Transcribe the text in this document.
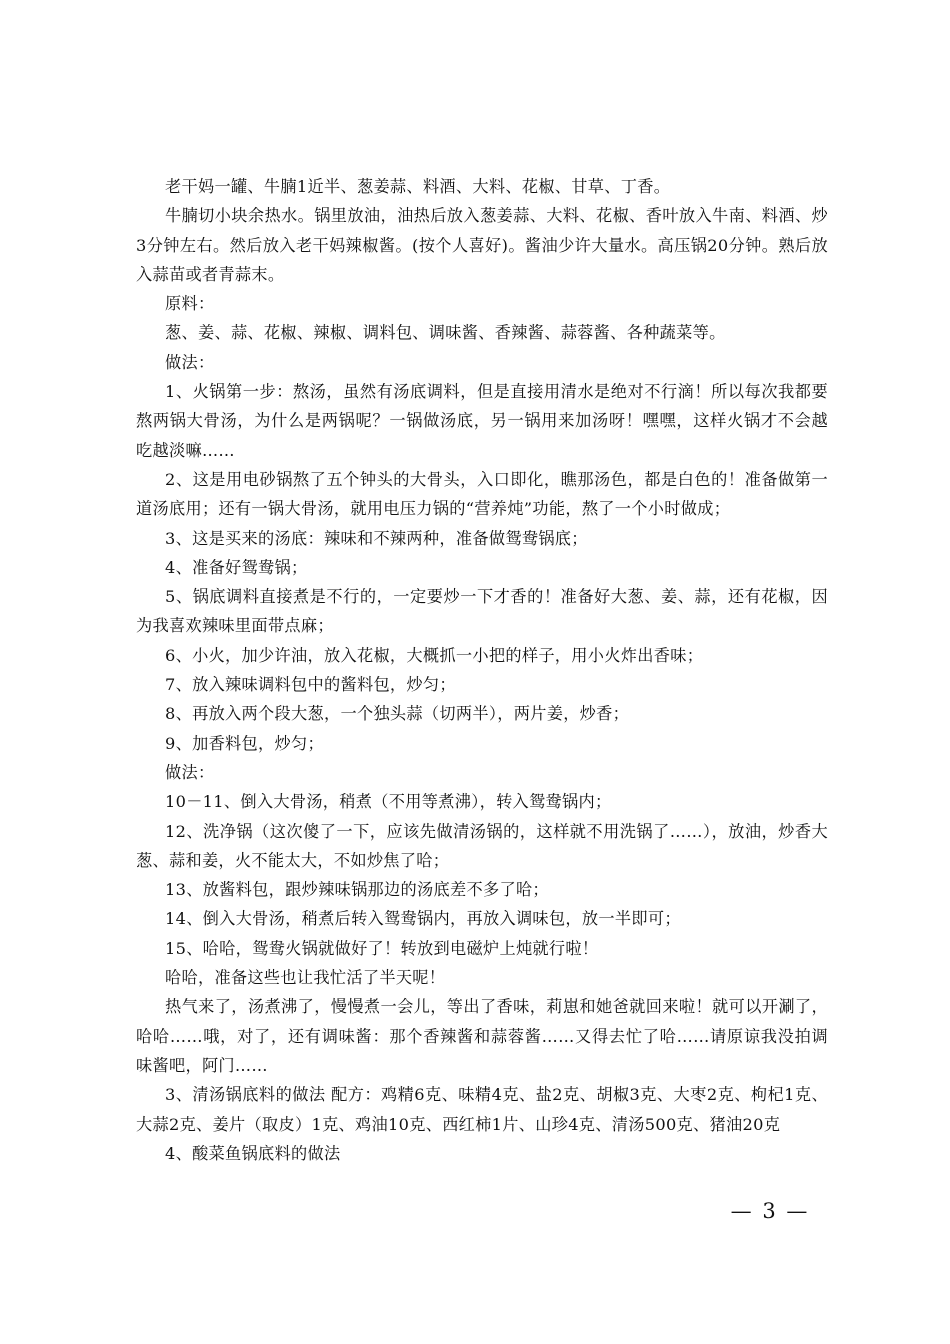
老干妈一罐、牛腩1近半、葱姜蒜、料酒、大料、花椒、甘草、丁香。

牛腩切小块余热水。锅里放油，油热后放入葱姜蒜、大料、花椒、香叶放入牛南、料酒、炒3分钟左右。然后放入老干妈辣椒酱。(按个人喜好)。酱油少许大量水。高压锅20分钟。熟后放入蒜苗或者青蒜末。

原料：

葱、姜、蒜、花椒、辣椒、调料包、调味酱、香辣酱、蒜蓉酱、各种蔬菜等。

做法：

1、火锅第一步：熬汤，虽然有汤底调料，但是直接用清水是绝对不行滴！所以每次我都要熬两锅大骨汤，为什么是两锅呢？一锅做汤底，另一锅用来加汤呀！嘿嘿，这样火锅才不会越吃越淡嘛……

2、这是用电砂锅熬了五个钟头的大骨头，入口即化，瞧那汤色，都是白色的！准备做第一道汤底用；还有一锅大骨汤，就用电压力锅的“营养炖”功能，熬了一个小时做成；

3、这是买来的汤底：辣味和不辣两种，准备做鸳鸯锅底；

4、准备好鸳鸯锅；

5、锅底调料直接煮是不行的，一定要炒一下才香的！准备好大葱、姜、蒜，还有花椒，因为我喜欢辣味里面带点麻；

6、小火，加少许油，放入花椒，大概抓一小把的样子，用小火炸出香味；

7、放入辣味调料包中的酱料包，炒匀；

8、再放入两个段大葱，一个独头蒜（切两半），两片姜，炒香；

9、加香料包，炒匀；

做法：

10－11、倒入大骨汤，稍煮（不用等煮沸），转入鸳鸯锅内；

12、洗净锅（这次傻了一下，应该先做清汤锅的，这样就不用洗锅了……），放油，炒香大葱、蒜和姜，火不能太大，不如炒焦了哈；

13、放酱料包，跟炒辣味锅那边的汤底差不多了哈；

14、倒入大骨汤，稍煮后转入鸳鸯锅内，再放入调味包，放一半即可；

15、哈哈，鸳鸯火锅就做好了！转放到电磁炉上炖就行啦！

哈哈，准备这些也让我忙活了半天呢！

热气来了，汤煮沸了，慢慢煮一会儿，等出了香味，莉崽和她爸就回来啦！就可以开涮了，哈哈……哦，对了，还有调味酱：那个香辣酱和蒜蓉酱……又得去忙了哈……请原谅我没拍调味酱吧，阿门……

3、清汤锅底料的做法 配方：鸡精6克、味精4克、盐2克、胡椒3克、大枣2克、枸杞1克、大蒜2克、姜片（取皮）1克、鸡油10克、西红柿1片、山珍4克、清汤500克、猪油20克

4、酸菜鱼锅底料的做法

— 3 —
